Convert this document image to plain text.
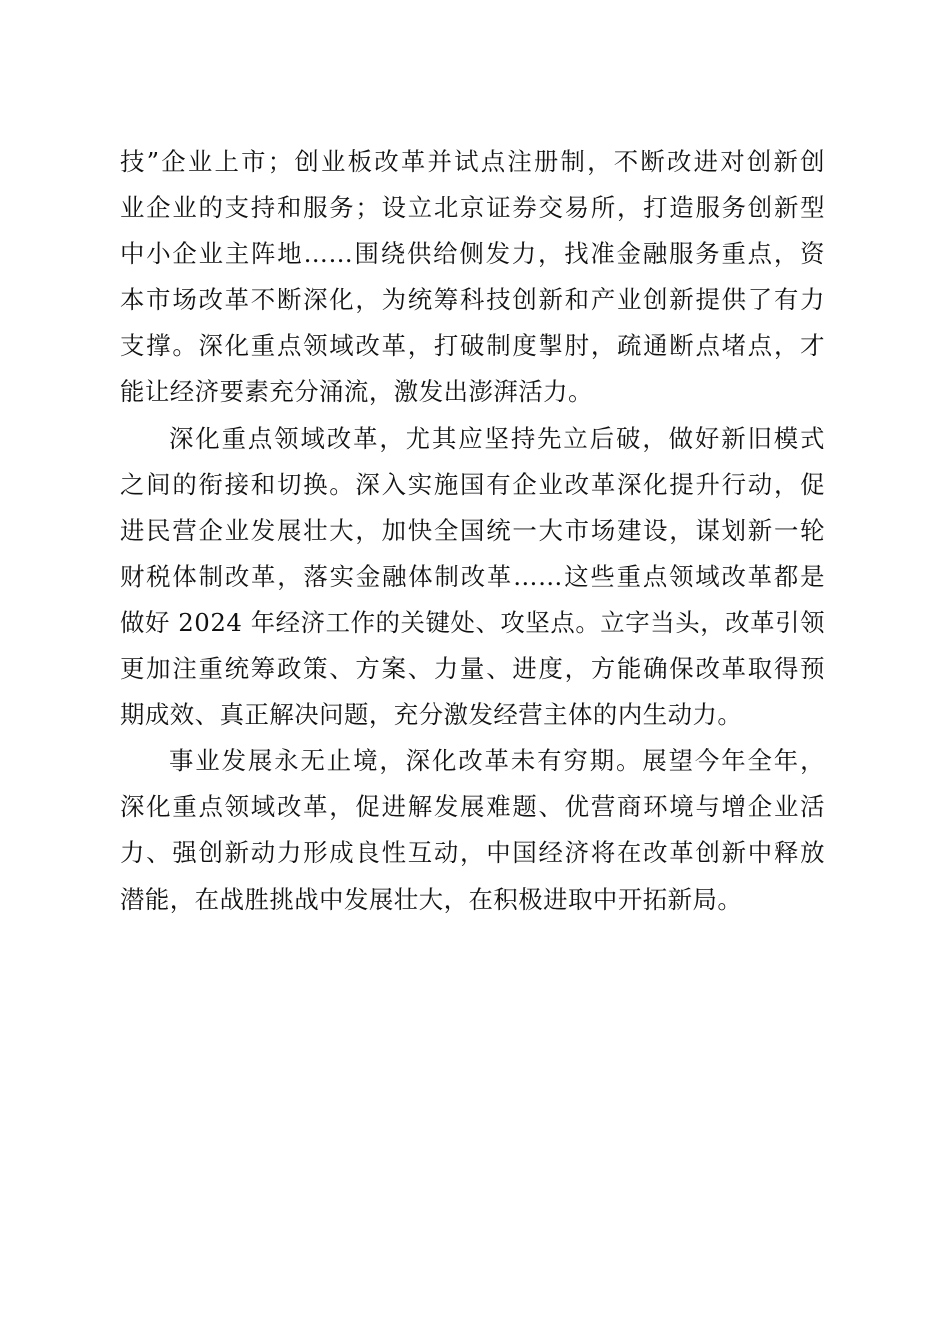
技”企业上市；创业板改革并试点注册制，不断改进对创新创
业企业的支持和服务；设立北京证券交易所，打造服务创新型
中小企业主阵地……围绕供给侧发力，找准金融服务重点，资
本市场改革不断深化，为统筹科技创新和产业创新提供了有力
支撑。深化重点领域改革，打破制度掣肘，疏通断点堵点，才
能让经济要素充分涌流，激发出澎湃活力。
深化重点领域改革，尤其应坚持先立后破，做好新旧模式
之间的衔接和切换。深入实施国有企业改革深化提升行动，促
进民营企业发展壮大，加快全国统一大市场建设，谋划新一轮
财税体制改革，落实金融体制改革……这些重点领域改革都是
做好 2024 年经济工作的关键处、攻坚点。立字当头，改革引领
更加注重统筹政策、方案、力量、进度，方能确保改革取得预
期成效、真正解决问题，充分激发经营主体的内生动力。
事业发展永无止境，深化改革未有穷期。展望今年全年，
深化重点领域改革，促进解发展难题、优营商环境与增企业活
力、强创新动力形成良性互动，中国经济将在改革创新中释放
潜能，在战胜挑战中发展壮大，在积极进取中开拓新局。
